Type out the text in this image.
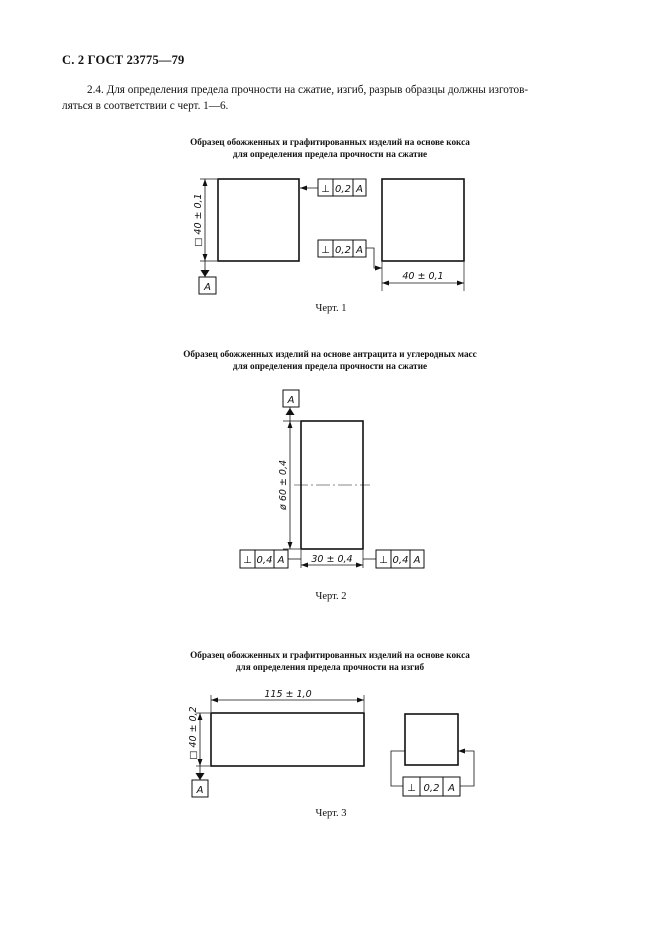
С. 2 ГОСТ 23775—79
2.4. Для определения предела прочности на сжатие, изгиб, разрыв образцы должны изготов-
ляться в соответствии с черт. 1—6.
Образец обожженных и графитированных изделий на основе кокса
для определения предела прочности на сжатие
Образец обожженных изделий на основе антрацита и углеродных масс
для определения предела прочности на сжатие
Образец обожженных и графитированных изделий на основе кокса
для определения предела прочности на изгиб
Черт. 1
Черт. 2
Черт. 3
□ 40 ± 0,1
40 ± 0,1
⊥ 0,2 A
⊥ 0,2 A
A
ø 60 ± 0,4
30 ± 0,4
A
⊥ 0,4 A	⊥ 0,4 A
115 ± 1,0
□ 40 ± 0,2
A	⊥ 0,2 A
